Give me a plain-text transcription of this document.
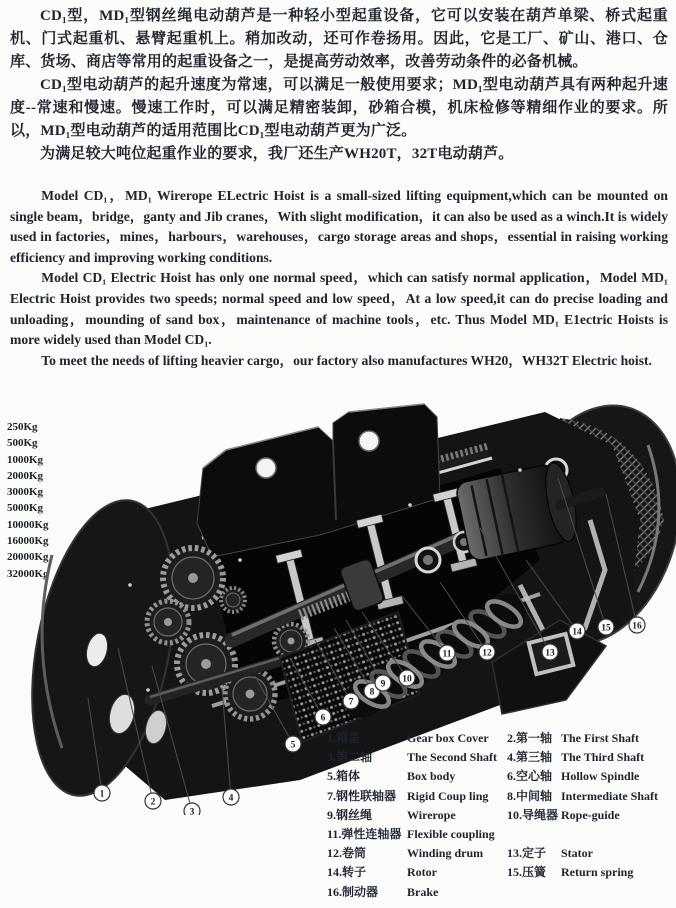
CD₁型，MD₁型钢丝绳电动葫芦是一种轻小型起重设备，它可以安装在葫芦单梁、桥式起重机、门式起重机、悬臂起重机上。稍加改动，还可作卷扬用。因此，它是工厂、矿山、港口、仓库、货场、商店等常用的起重设备之一，是提高劳动效率，改善劳动条件的必备机械。

CD₁型电动葫芦的起升速度为常速，可以满足一般使用要求；MD₁型电动葫芦具有两种起升速度--常速和慢速。慢速工作时，可以满足精密装卸，砂箱合模，机床检修等精细作业的要求。所以，MD₁型电动葫芦的适用范围比CD₁型电动葫芦更为广泛。

为满足较大吨位起重作业的要求，我厂还生产WH20T，32T电动葫芦。

Model CD₁，MD₁ Wirerope ELectric Hoist is a small-sized lifting equipment,which can be mounted on single beam，bridge，ganty and Jib cranes，With slight modification，it can also be used as a winch.It is widely used in factories，mines，harbours，warehouses，cargo storage areas and shops，essential in raising working efficiency and improving working conditions.

Model CD₁ Electric Hoist has only one normal speed，which can satisfy normal application，Model MD₁ Electric Hoist provides two speeds; normal speed and low speed，At a low speed,it can do precise loading and unloading，mounding of sand box，maintenance of machine tools，etc. Thus Model MD₁ E1ectric Hoists is more widely used than Model CD₁.

To meet the needs of lifting heavier cargo，our factory also manufactures WH20，WH32T Electric hoist.

250Kg
500Kg
1000Kg
2000Kg
3000Kg
5000Kg
10000Kg
16000Kg
20000Kg
32000Kg
1
2
3
4
5
6
7
8
9 10
11	12	13
14 15 16
1.箱盖	Gear box Cover	2.第一轴 The First Shaft
3.第二轴	The Second Shaft 4.第三轴 The Third Shaft
5.箱体	Box body	6.空心轴 Hollow Spindle
7.钢性联轴器 Rigid Coup ling	8.中间轴 Intermediate Shaft
9.钢丝绳	Wirerope	10.导绳器 Rope-guide
11.弹性连轴器 Flexible coupling
12.卷筒	Winding drum	13.定子	Stator
14.转子	Rotor	15.压簧	Return spring
16.制动器	Brake
